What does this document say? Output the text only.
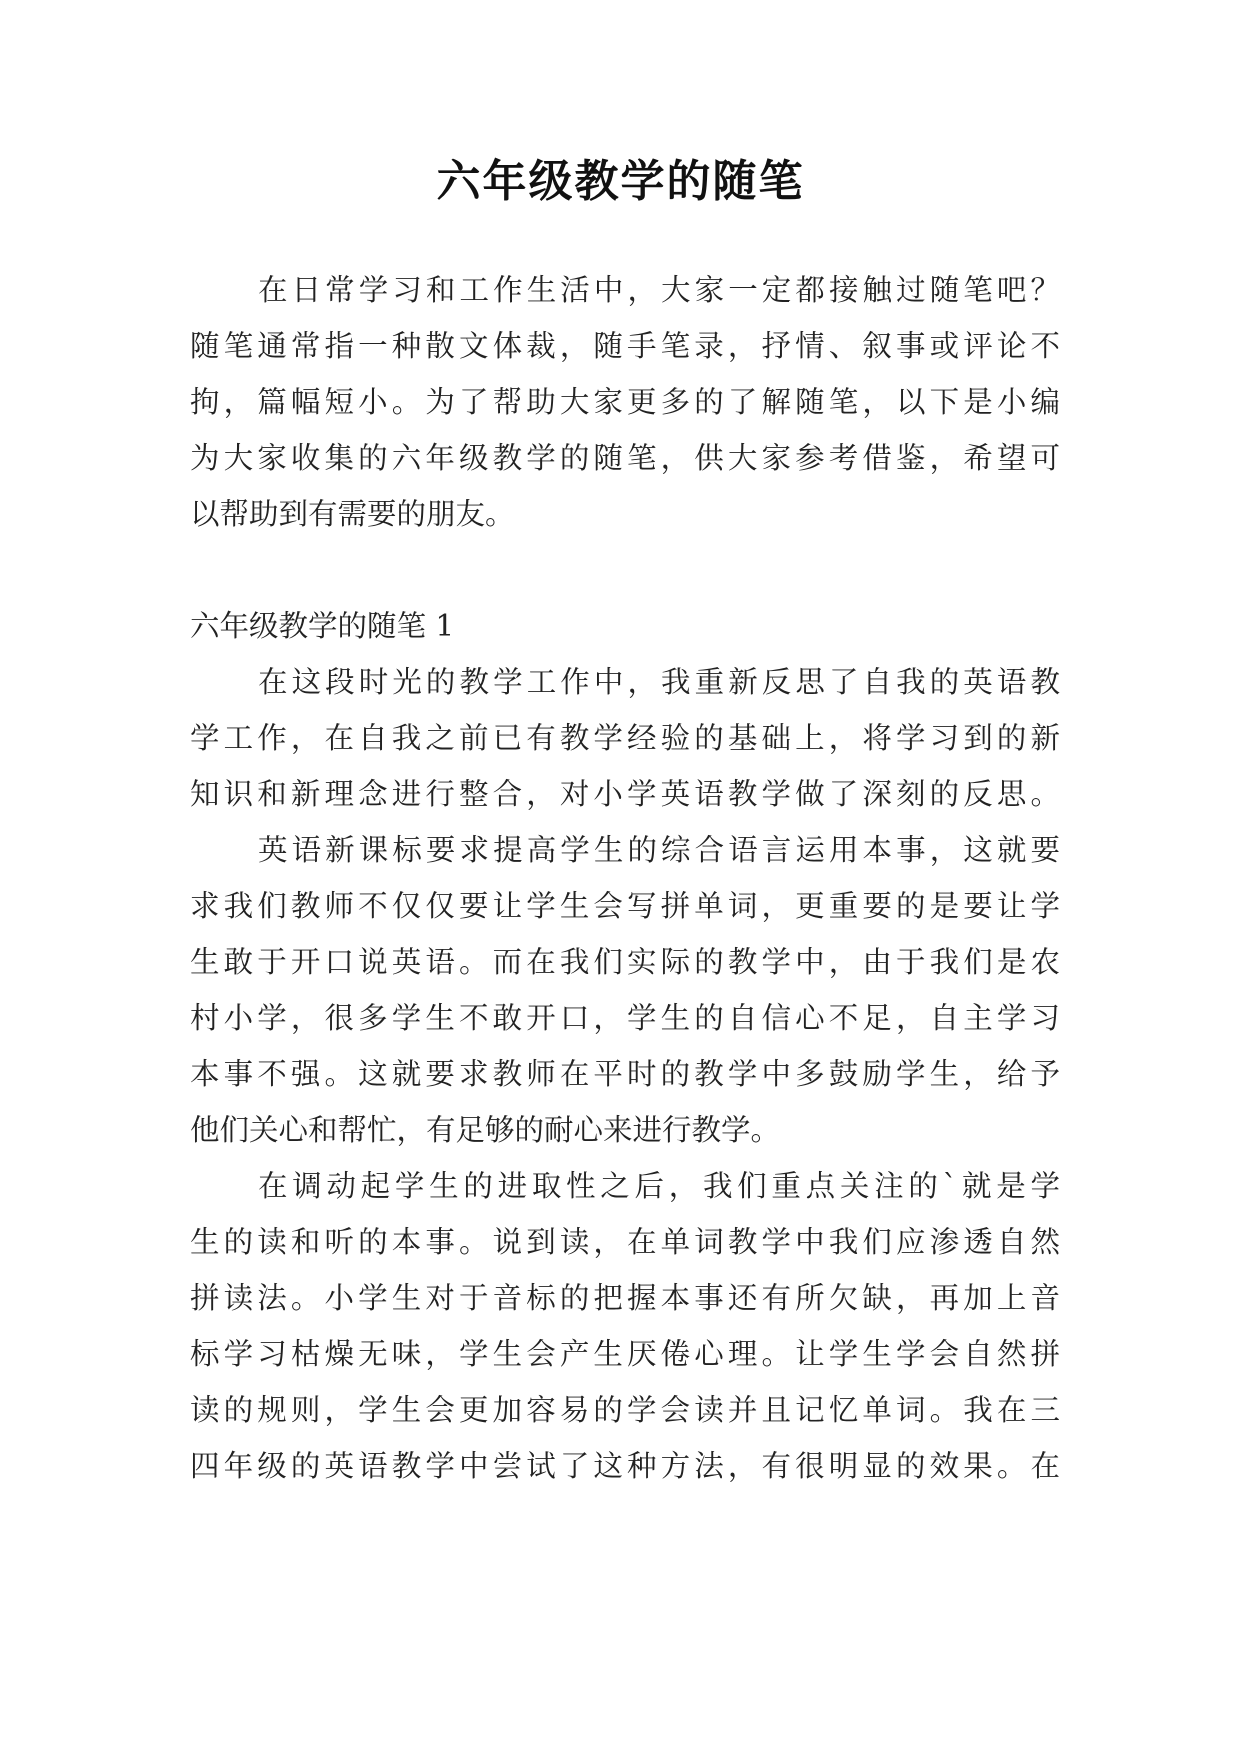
六年级教学的随笔
在日常学习和工作生活中，大家一定都接触过随笔吧？
随笔通常指一种散文体裁，随手笔录，抒情、叙事或评论不
拘，篇幅短小。为了帮助大家更多的了解随笔，以下是小编
为大家收集的六年级教学的随笔，供大家参考借鉴，希望可
以帮助到有需要的朋友。
六年级教学的随笔 1
在这段时光的教学工作中，我重新反思了自我的英语教
学工作，在自我之前已有教学经验的基础上，将学习到的新
知识和新理念进行整合，对小学英语教学做了深刻的反思。
英语新课标要求提高学生的综合语言运用本事，这就要
求我们教师不仅仅要让学生会写拼单词，更重要的是要让学
生敢于开口说英语。而在我们实际的教学中，由于我们是农
村小学，很多学生不敢开口，学生的自信心不足，自主学习
本事不强。这就要求教师在平时的教学中多鼓励学生，给予
他们关心和帮忙，有足够的耐心来进行教学。
在调动起学生的进取性之后，我们重点关注的`就是学
生的读和听的本事。说到读，在单词教学中我们应渗透自然
拼读法。小学生对于音标的把握本事还有所欠缺，再加上音
标学习枯燥无味，学生会产生厌倦心理。让学生学会自然拼
读的规则，学生会更加容易的学会读并且记忆单词。我在三
四年级的英语教学中尝试了这种方法，有很明显的效果。在
